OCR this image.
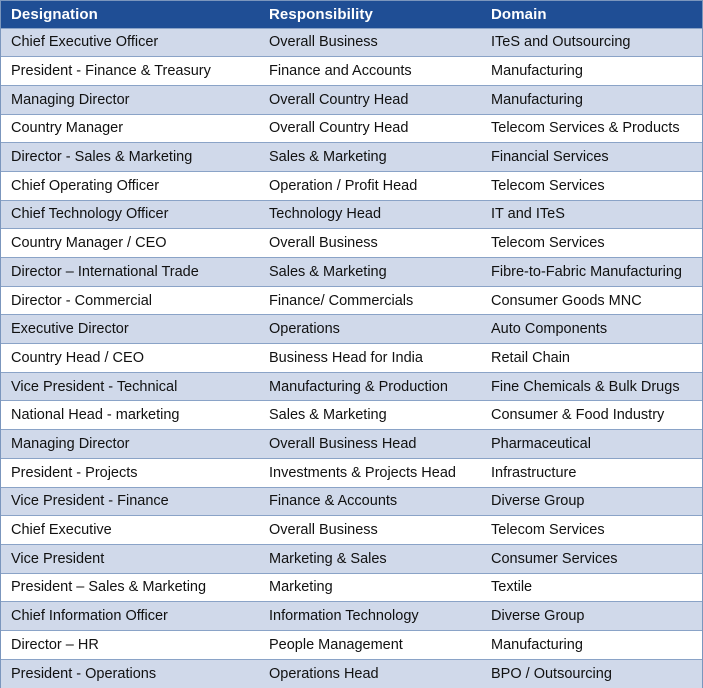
Designation	Responsibility	Domain
Chief Executive Officer	Overall Business	ITeS and Outsourcing
President - Finance & Treasury	Finance and Accounts	Manufacturing
Managing Director	Overall Country Head	Manufacturing
Country Manager	Overall Country Head	Telecom Services & Products
Director - Sales & Marketing	Sales & Marketing	Financial Services
Chief Operating Officer	Operation / Profit Head	Telecom Services
Chief Technology Officer	Technology Head	IT and ITeS
Country Manager / CEO	Overall Business	Telecom Services
Director – International Trade	Sales & Marketing	Fibre-to-Fabric Manufacturing
Director - Commercial	Finance/ Commercials	Consumer Goods MNC
Executive Director	Operations	Auto Components
Country Head / CEO	Business Head for India	Retail Chain
Vice President - Technical	Manufacturing & Production	Fine Chemicals & Bulk Drugs
National Head - marketing	Sales & Marketing	Consumer & Food Industry
Managing Director	Overall Business Head	Pharmaceutical
President - Projects	Investments & Projects Head	Infrastructure
Vice President - Finance	Finance & Accounts	Diverse Group
Chief Executive	Overall Business	Telecom Services
Vice President	Marketing & Sales	Consumer Services
President – Sales & Marketing	Marketing	Textile
Chief Information Officer	Information Technology	Diverse Group
Director – HR	People Management	Manufacturing
President - Operations	Operations Head	BPO / Outsourcing
